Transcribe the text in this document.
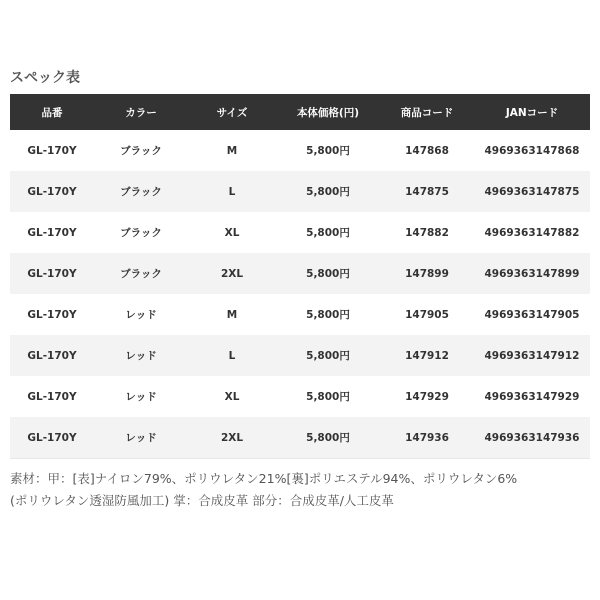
スペック表
品番	カラー	サイズ	本体価格(円)	商品コード	JANコード
GL-170Y	ブラック	M	5,800円	147868	4969363147868
GL-170Y	ブラック	L	5,800円	147875	4969363147875
GL-170Y	ブラック	XL	5,800円	147882	4969363147882
GL-170Y	ブラック	2XL	5,800円	147899	4969363147899
GL-170Y	レッド	M	5,800円	147905	4969363147905
GL-170Y	レッド	L	5,800円	147912	4969363147912
GL-170Y	レッド	XL	5,800円	147929	4969363147929
GL-170Y	レッド	2XL	5,800円	147936	4969363147936
素材：甲：[表]ナイロン79%、ポリウレタン21%[裏]ポリエステル94%、ポリウレタン6%
(ポリウレタン透湿防風加工) 掌：合成皮革 部分：合成皮革/人工皮革
